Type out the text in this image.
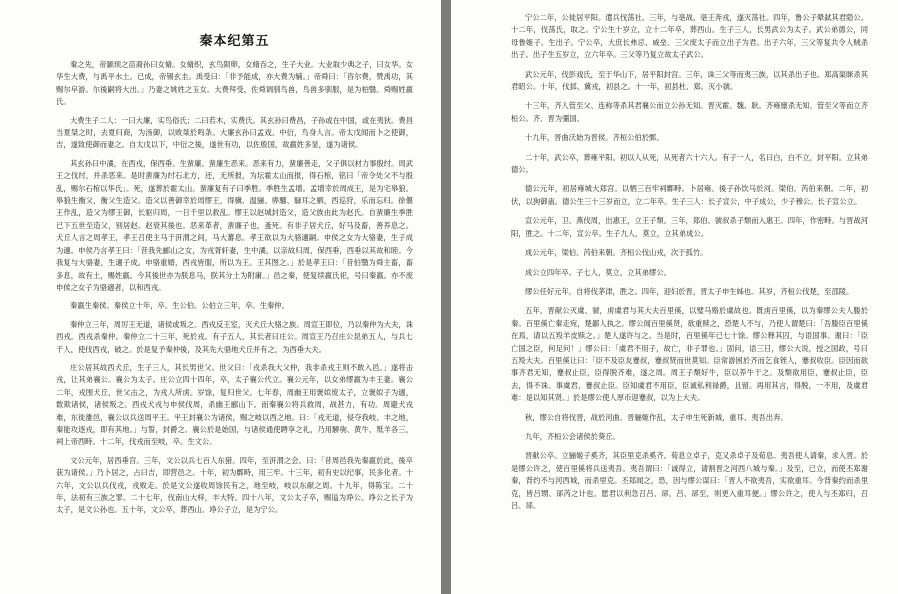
秦本纪第五

秦之先，帝颛顼之苗裔孙曰女脩。女脩织，玄鸟陨卵，女脩吞之，生子大业。大业取少典之子，曰女华。女华生大费，与禹平水土。已成，帝锡玄圭。禹受曰：「非予能成，亦大费为辅。」帝舜曰：「咨尔费，赞禹功，其赐尔皁游。尔後嗣将大出。」乃妻之姚姓之玉女。大费拜受，佐舜调驯鸟兽，鸟兽多驯服，是为柏翳。舜赐姓嬴氏。

大费生子二人：一曰大廉，实鸟俗氏；二曰若木，实费氏。其玄孙曰费昌，子孙或在中国，或在夷狄。费昌当夏桀之时，去夏归商，为汤御，以败桀於鸣条。大廉玄孙曰孟戏、中衍，鸟身人言。帝太戊闻而卜之使御，吉，遂致使御而妻之。自太戊以下，中衍之後，遂世有功，以佐殷国，故嬴姓多显，遂为诸侯。

其玄孙曰中潏，在西戎，保西垂。生蜚廉。蜚廉生恶来。恶来有力，蜚廉善走，父子俱以材力事殷纣。周武王之伐纣，并杀恶来。是时蜚廉为纣石北方，还，无所报，为坛霍太山而报，得石棺，铭曰「帝令处父不与殷乱，赐尔石棺以华氏」。死，遂葬於霍太山。蜚廉复有子曰季胜。季胜生孟增。孟增幸於周成王，是为宅皋狼。皋狼生衡父，衡父生造父。造父以善御幸於周缪王，得骥、温骊、骅騮、騄耳之驷，西巡狩，乐而忘归。徐偃王作乱，造父为缪王御，长驱归周，一日千里以救乱。缪王以赵城封造父，造父族由此为赵氏。自蜚廉生季胜已下五世至造父，别居赵。赵衰其後也。恶来革者，蜚廉子也，蚤死。有非子居犬丘，好马及畜，善养息之。犬丘人言之周孝王，孝王召使主马于汧渭之间，马大蕃息。孝王欲以为大骆適嗣。申侯之女为大骆妻，生子成为適。申侯乃言孝王曰：「昔我先郦山之女，为戎胥轩妻，生中潏，以亲故归周，保西垂，西垂以其故和睦。今我复与大骆妻，生適子成。申骆重婚，西戎皆服，所以为王。王其图之。」於是孝王曰：「昔伯翳为舜主畜，畜多息，故有土，赐姓嬴。今其後世亦为朕息马，朕其分土为附庸。」邑之秦，使复续嬴氏祀，号曰秦嬴。亦不废申侯之女子为骆適者，以和西戎。

秦嬴生秦侯。秦侯立十年，卒。生公伯。公伯立三年，卒。生秦仲。

秦仲立三年，周厉王无道，诸侯或叛之。西戎反王室，灭犬丘大骆之族。周宣王即位，乃以秦仲为大夫，诛西戎。西戎杀秦仲。秦仲立二十三年，死於戎。有子五人，其长者曰庄公。周宣王乃召庄公昆弟五人，与兵七千人，使伐西戎，破之。於是复予秦仲後，及其先大骆地犬丘并有之，为西垂大夫。

庄公居其故西犬丘，生子三人，其长男世父。世父曰：「戎杀我大父仲，我非杀戎王则不敢入邑。」遂将击戎，让其弟襄公。襄公为太子。庄公立四十四年，卒，太子襄公代立。襄公元年，以女弟缪嬴为丰王妻。襄公二年，戎围犬丘，世父击之，为戎人所虏。岁馀，复归世父。七年春，周幽王用褒姒废太子，立褒姒子为適，数欺诸侯，诸侯叛之。西戎犬戎与申侯伐周，杀幽王郦山下。而秦襄公将兵救周，战甚力，有功。周避犬戎难，东徙雒邑，襄公以兵送周平王。平王封襄公为诸侯，赐之岐以西之地。曰：「戎无道，侵夺我岐、丰之地，秦能攻逐戎，即有其地。」与誓，封爵之。襄公於是始国，与诸侯通使聘享之礼，乃用駵驹、黄牛、羝羊各三，祠上帝西畤。十二年，伐戎而至岐，卒。生文公。

文公元年，居西垂宫。三年，文公以兵七百人东猎。四年，至汧渭之会。曰：「昔周邑我先秦嬴於此，後卒获为诸侯。」乃卜居之，占曰吉，即营邑之。十年，初为鄜畤，用三牢。十三年，初有史以纪事，民多化者。十六年，文公以兵伐戎，戎败走。於是文公遂收周馀民有之，地至岐，岐以东献之周。十九年，得陈宝。二十年，法初有三族之罪。二十七年，伐南山大梓，丰大特。四十八年，文公太子卒，赐谥为竫公。竫公之长子为太子，是文公孙也。五十年，文公卒，葬西山。竫公子立，是为宁公。

宁公二年，公徙居平阳。遣兵伐荡社。三年，与亳战，亳王奔戎，遂灭荡社。四年，鲁公子翚弑其君隐公。十二年，伐荡氏，取之。宁公生十岁立，立十二年卒，葬西山。生子三人，长男武公为太子。武公弟德公，同母鲁姬子。生出子。宁公卒，大庶长弗忌、威垒、三父废太子而立出子为君。出子六年，三父等复共令人贼杀出子。出子生五岁立，立六年卒。三父等乃复立故太子武公。

武公元年，伐彭戏氏，至于华山下，居平阳封宫。三年，诛三父等而夷三族，以其杀出子也。郑高渠眯杀其君昭公。十年，伐邽、冀戎，初县之。十一年，初县杜、郑。灭小虢。

十三年，齐人管至父、连称等杀其君襄公而立公孙无知。晋灭霍、魏、耿。齐雍廪杀无知、管至父等而立齐桓公。齐、晋为彊国。

十九年，晋曲沃始为晋侯。齐桓公伯於鄄。

二十年，武公卒，葬雍平阳。初以人从死，从死者六十六人。有子一人，名曰白，白不立，封平阳。立其弟德公。

德公元年，初居雍城大郑宫。以牺三百牢祠鄜畤。卜居雍。後子孙饮马於河。梁伯、芮伯来朝。二年，初伏，以狗御蛊。德公生三十三岁而立，立二年卒。生子三人：长子宣公，中子成公，少子穆公。长子宣公立。

宣公元年，卫、燕伐周，出惠王，立王子頽。三年，郑伯、虢叔杀子頽而入惠王。四年，作密畤。与晋战河阳，胜之。十二年，宣公卒。生子九人，莫立，立其弟成公。

成公元年，梁伯、芮伯来朝。齐桓公伐山戎，次于孤竹。

成公立四年卒。子七人，莫立，立其弟缪公。

缪公任好元年，自将伐茅津，胜之。四年，迎妇於晋，晋太子申生姊也。其岁，齐桓公伐楚，至邵陵。

五年，晋献公灭虞、虢，虏虞君与其大夫百里傒，以璧马赂於虞故也。既虏百里傒，以为秦缪公夫人媵於秦。百里傒亡秦走宛，楚鄙人执之。缪公闻百里傒贤，欲重赎之，恐楚人不与，乃使人谓楚曰：「吾媵臣百里傒在焉，请以五羖羊皮赎之。」楚人遂许与之。当是时，百里傒年已七十馀。缪公释其囚，与语国事。谢曰：「臣亡国之臣，何足问！」缪公曰：「虞君不用子，故亡，非子罪也。」固问，语三日，缪公大说，授之国政，号曰五羖大夫。百里傒让曰：「臣不及臣友蹇叔，蹇叔贤而世莫知。臣常游困於齐而乞食铚人，蹇叔收臣。臣因而欲事齐君无知，蹇叔止臣，臣得脱齐难，遂之周。周王子頽好牛，臣以养牛干之。及頽欲用臣，蹇叔止臣，臣去，得不诛。事虞君，蹇叔止臣。臣知虞君不用臣，臣诚私利禄爵，且留。再用其言，得脱，一不用，及虞君难：是以知其贤。」於是缪公使人厚币迎蹇叔，以为上大夫。

秋，缪公自将伐晋，战於河曲。晋骊姬作乱，太子申生死新城，重耳、夷吾出奔。

九年，齐桓公会诸侯於葵丘。

晋献公卒。立骊姬子奚齐，其臣里克杀奚齐。荀息立卓子，克又杀卓子及荀息。夷吾使人请秦，求入晋。於是缪公许之，使百里傒将兵送夷吾。夷吾谓曰：「诚得立，请割晋之河西八城与秦。」及至，已立，而使丕郑谢秦，背约不与河西城，而杀里克。丕郑闻之，恐，因与缪公谋曰：「晋人不欲夷吾，实欲重耳。今背秦约而杀里克，皆吕甥、郤芮之计也。愿君以利急召吕、郤，吕、郤至，则更入重耳便。」缪公许之，使人与丕郑归，召吕、郤。
